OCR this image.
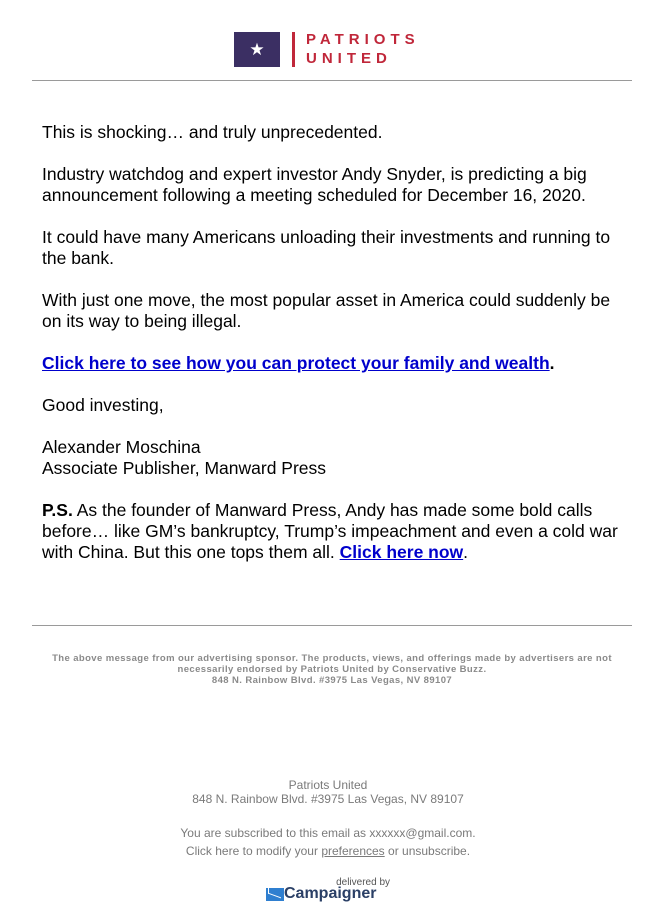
★
PATRIOTS
UNITED

This is shocking… and truly unprecedented.

Industry watchdog and expert investor Andy Snyder, is predicting a big announcement following a meeting scheduled for December 16, 2020.

It could have many Americans unloading their investments and running to the bank.

With just one move, the most popular asset in America could suddenly be on its way to being illegal.

Click here to see how you can protect your family and wealth.

Good investing,

Alexander Moschina
Associate Publisher, Manward Press

P.S. As the founder of Manward Press, Andy has made some bold calls before… like GM’s bankruptcy, Trump’s impeachment and even a cold war with China. But this one tops them all. Click here now.

The above message from our advertising sponsor. The products, views, and offerings made by advertisers are not necessarily endorsed by Patriots United by Conservative Buzz.
848 N. Rainbow Blvd. #3975 Las Vegas, NV 89107

Patriots United

848 N. Rainbow Blvd. #3975 Las Vegas, NV 89107

You are subscribed to this email as xxxxxx@gmail.com.

Click here to modify your preferences or unsubscribe.

delivered by
Campaigner
